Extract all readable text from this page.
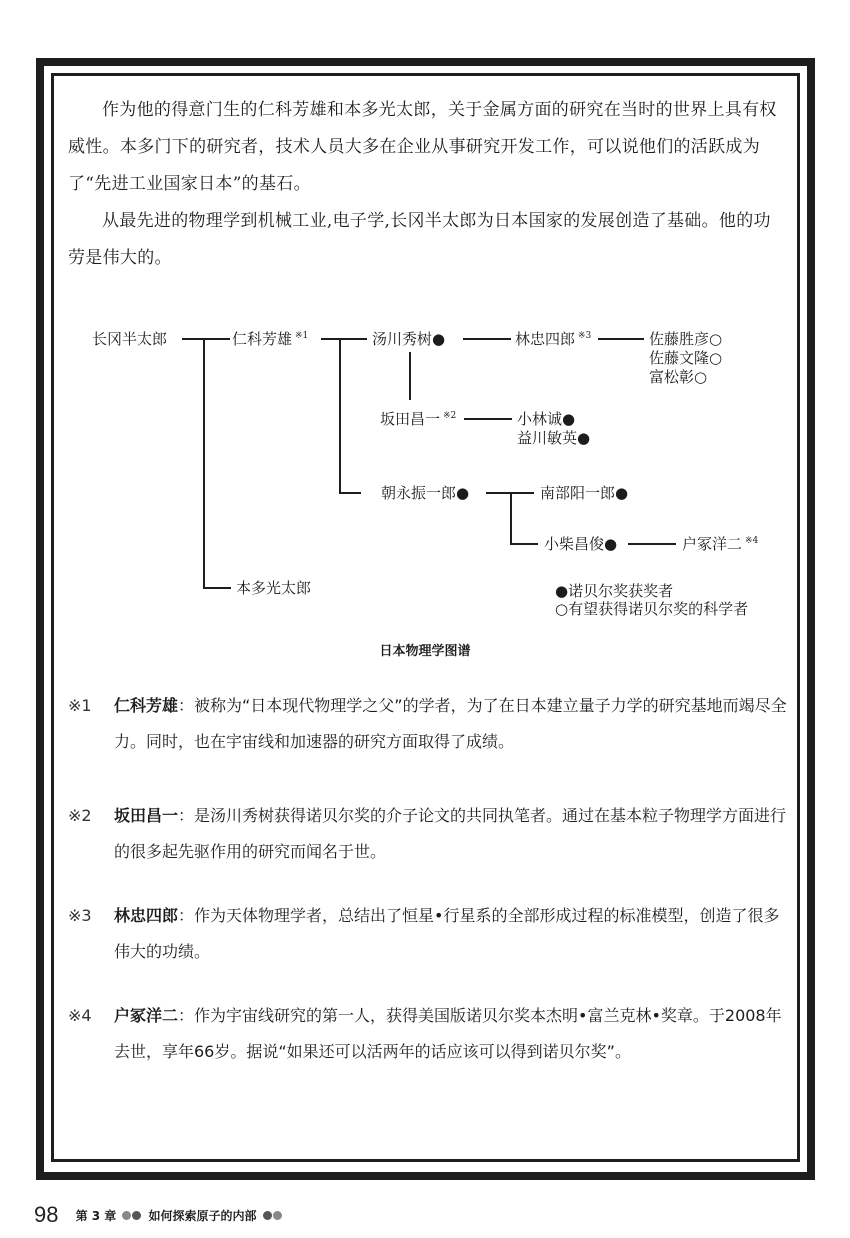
作为他的得意门生的仁科芳雄和本多光太郎，关于金属方面的研究在当时的世界上具有权威性。本多门下的研究者，技术人员大多在企业从事研究开发工作，可以说他们的活跃成为了“先进工业国家日本”的基石。

从最先进的物理学到机械工业,电子学,长冈半太郎为日本国家的发展创造了基础。他的功劳是伟大的。

长冈半太郎	仁科芳雄 $^{※1}$	汤川秀树●	林忠四郎 $^{※3}$	佐藤胜彦○
佐藤文隆○
富松彰○
坂田昌一 $^{※2}$	小林诚●
益川敏英●
朝永振一郎●	南部阳一郎●
小柴昌俊●	户冢洋二 $^{※4}$
本多光太郎	●诺贝尔奖获奖者
○有望获得诺贝尔奖的科学者
日本物理学图谱
※1	仁科芳雄：被称为“日本现代物理学之父”的学者，为了在日本建立量子力学的研究基地而竭尽全力。同时，也在宇宙线和加速器的研究方面取得了成绩。
※2	坂田昌一：是汤川秀树获得诺贝尔奖的介子论文的共同执笔者。通过在基本粒子物理学方面进行的很多起先驱作用的研究而闻名于世。
※3	林忠四郎：作为天体物理学者，总结出了恒星•行星系的全部形成过程的标准模型，创造了很多伟大的功绩。
※4	户冢洋二：作为宇宙线研究的第一人，获得美国版诺贝尔奖本杰明•富兰克林•奖章。于2008年去世，享年66岁。据说“如果还可以活两年的话应该可以得到诺贝尔奖”。
98 第 3 章	如何探索原子的内部
